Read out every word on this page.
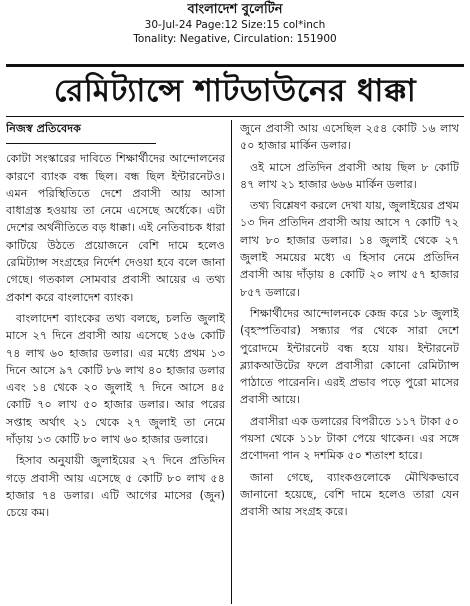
বাংলাদেশ বুলেটিন
30-Jul-24 Page:12 Size:15 col*inch
Tonality: Negative, Circulation: 151900
রেমিট্যান্সে শাটডাউনের ধাক্কা
নিজস্ব প্রতিবেদক

কোটা সংস্কারের দাবিতে শিক্ষার্থীদের আন্দোলনের কারণে ব্যাংক বন্ধ ছিল। বন্ধ ছিল ইন্টারনেটও। এমন পরিস্থিতিতে দেশে প্রবাসী আয় আসা বাধাগ্রস্ত হওয়ায় তা নেমে এসেছে অর্ধেকে। এটা দেশের অর্থনীতিতে বড় ধাক্কা। এই নেতিবাচক ধারা কাটিয়ে উঠতে প্রয়োজনে বেশি দামে হলেও রেমিট্যান্স সংগ্রহের নির্দেশ দেওয়া হবে বলে জানা গেছে। গতকাল সোমবার প্রবাসী আয়ের এ তথ্য প্রকাশ করে বাংলাদেশ ব্যাংক।

বাংলাদেশ ব্যাংকের তথ্য বলছে, চলতি জুলাই মাসে ২৭ দিনে প্রবাসী আয় এসেছে ১৫৬ কোটি ৭৪ লাখ ৬০ হাজার ডলার। এর মধ্যে প্রথম ১৩ দিনে আসে ৯৭ কোটি ৮৬ লাখ ৪০ হাজার ডলার এবং ১৪ থেকে ২০ জুলাই ৭ দিনে আসে ৪৫ কোটি ৭০ লাখ ৫০ হাজার ডলার। আর পরের সপ্তাহ অর্থাৎ ২১ থেকে ২৭ জুলাই তা নেমে দাঁড়ায় ১৩ কোটি ৮০ লাখ ৬০ হাজার ডলারে।

হিসাব অনুযায়ী জুলাইয়ের ২৭ দিনে প্রতিদিন গড়ে প্রবাসী আয় এসেছে ৫ কোটি ৮০ লাখ ৫৪ হাজার ৭৪ ডলার। এটি আগের মাসের (জুন) চেয়ে কম।

জুনে প্রবাসী আয় এসেছিল ২৫৪ কোটি ১৬ লাখ ৫০ হাজার মার্কিন ডলার।

ওই মাসে প্রতিদিন প্রবাসী আয় ছিল ৮ কোটি ৪৭ লাখ ২১ হাজার ৬৬৬ মার্কিন ডলার।

তথ্য বিশ্লেষণ করলে দেখা যায়, জুলাইয়ের প্রথম ১৩ দিন প্রতিদিন প্রবাসী আয় আসে ৭ কোটি ৭২ লাখ ৮০ হাজার ডলার। ১৪ জুলাই থেকে ২৭ জুলাই সময়ের মধ্যে এ হিসাব নেমে প্রতিদিন প্রবাসী আয় দাঁড়ায় ৪ কোটি ২০ লাখ ৫৭ হাজার ৮৫৭ ডলারে।

শিক্ষার্থীদের আন্দোলনকে কেন্দ্র করে ১৮ জুলাই (বৃহস্পতিবার) সন্ধ্যার পর থেকে সারা দেশে পুরোদমে ইন্টারনেট বন্ধ হয়ে যায়। ইন্টারনেট ব্ল্যাকআউটের ফলে প্রবাসীরা কোনো রেমিট্যান্স পাঠাতে পারেননি। এরই প্রভাব পড়ে পুরো মাসের প্রবাসী আয়ে।

প্রবাসীরা এক ডলারের বিপরীতে ১১৭ টাকা ৫০ পয়সা থেকে ১১৮ টাকা পেয়ে থাকেন। এর সঙ্গে প্রণোদনা পান ২ দশমিক ৫০ শতাংশ হারে।

জানা গেছে, ব্যাংকগুলোকে মৌখিকভাবে জানানো হয়েছে, বেশি দামে হলেও তারা যেন প্রবাসী আয় সংগ্রহ করে।
